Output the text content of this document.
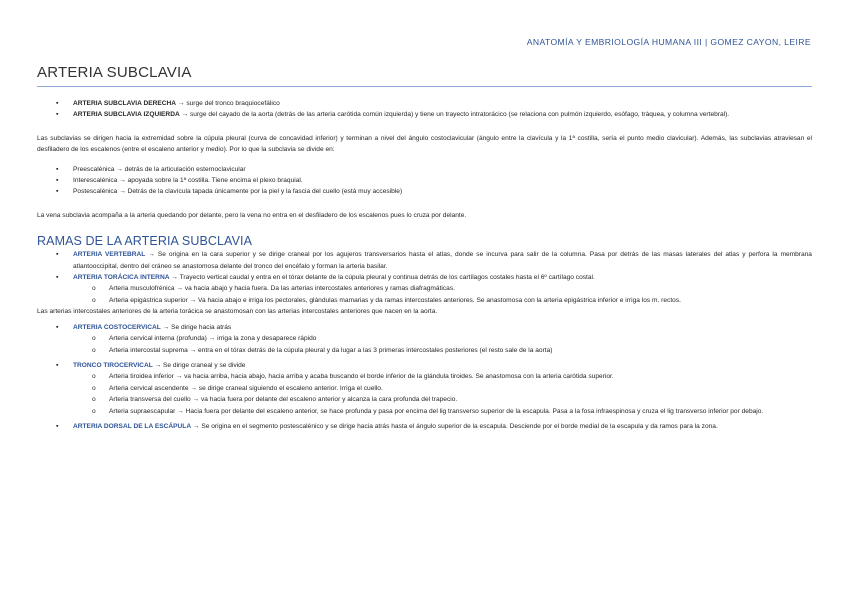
ANATOMÍA Y EMBRIOLOGÍA HUMANA III | GOMEZ CAYON, LEIRE
ARTERIA SUBCLAVIA
▪ ARTERIA SUBCLAVIA DERECHA → surge del tronco braquiocefálico
▪ ARTERIA SUBCLAVIA IZQUIERDA → surge del cayado de la aorta (detrás de las arteria carótida común izquierda) y tiene un trayecto intratorácico (se relaciona con pulmón izquierdo, esófago, tráquea, y columna vertebral).

Las subclavias se dirigen hacia la extremidad sobre la cúpula pleural (curva de concavidad inferior) y terminan a nivel del ángulo costoclavicular (ángulo entre la clavícula y la 1ª costilla, sería el punto medio clavicular). Además, las subclavias atraviesan el desfiladero de los escalenos (entre el escaleno anterior y medio). Por lo que la subclavia se divide en:

▪ Preescalénica → detrás de la articulación esternoclavicular
▪ Interescalénica → apoyada sobre la 1ª costilla. Tiene encima el plexo braquial.
▪ Postescalénica → Detrás de la clavícula tapada únicamente por la piel y la fascia del cuello (está muy accesible)

La vena subclavia acompaña a la arteria quedando por delante, pero la vena no entra en el desfiladero de los escalenos pues lo cruza por delante.

RAMAS DE LA ARTERIA SUBCLAVIA
▪ ARTERIA VERTEBRAL → Se origina en la cara superior y se dirige craneal por los agujeros transversarios hasta el atlas, donde se incurva para salir de la columna. Pasa por detrás de las masas laterales del atlas y perfora la membrana atlantooccipital, dentro del cráneo se anastomosa delante del tronco del encéfalo y forman la arteria basilar.
▪ ARTERIA TORÁCICA INTERNA → Trayecto vertical caudal y entra en el tórax delante de la cúpula pleural y continua detrás de los cartílagos costales hasta el 6º cartílago costal.
o Arteria musculofrénica → va hacia abajo y hacia fuera. Da las arterias intercostales anteriores y ramas diafragmáticas.
o Arteria epigástrica superior → Va hacia abajo e irriga los pectorales, glándulas mamarias y da ramas intercostales anteriores. Se anastomosa con la arteria epigástrica inferior e irriga los m. rectos.

Las arterias intercostales anteriores de la arteria torácica se anastomosan con las arterias intercostales anteriores que nacen en la aorta.

▪ ARTERIA COSTOCERVICAL → Se dirige hacia atrás
o Arteria cervical interna (profunda) → irriga la zona y desaparece rápido
o Arteria intercostal suprema → entra en el tórax detrás de la cúpula pleural y da lugar a las 3 primeras intercostales posteriores (el resto sale de la aorta)
▪ TRONCO TIROCERVICAL → Se dirige craneal y se divide
o Arteria tiroidea inferior → va hacia arriba, hacia abajo, hacia arriba y acaba buscando el borde inferior de la glándula tiroides. Se anastomosa con la arteria carótida superior.
o Arteria cervical ascendente → se dirige craneal siguiendo el escaleno anterior. Irriga el cuello.
o Arteria transversa del cuello → va hacia fuera por delante del escaleno anterior y alcanza la cara profunda del trapecio.
o Arteria supraescapular → Hacia fuera por delante del escaleno anterior, se hace profunda y pasa por encima del lig transverso superior de la escapula. Pasa a la fosa infraespinosa y cruza el lig transverso inferior por debajo.
▪ ARTERIA DORSAL DE LA ESCÁPULA → Se origina en el segmento postescalénico y se dirige hacia atrás hasta el ángulo superior de la escapula. Desciende por el borde medial de la escapula y da ramos para la zona.
